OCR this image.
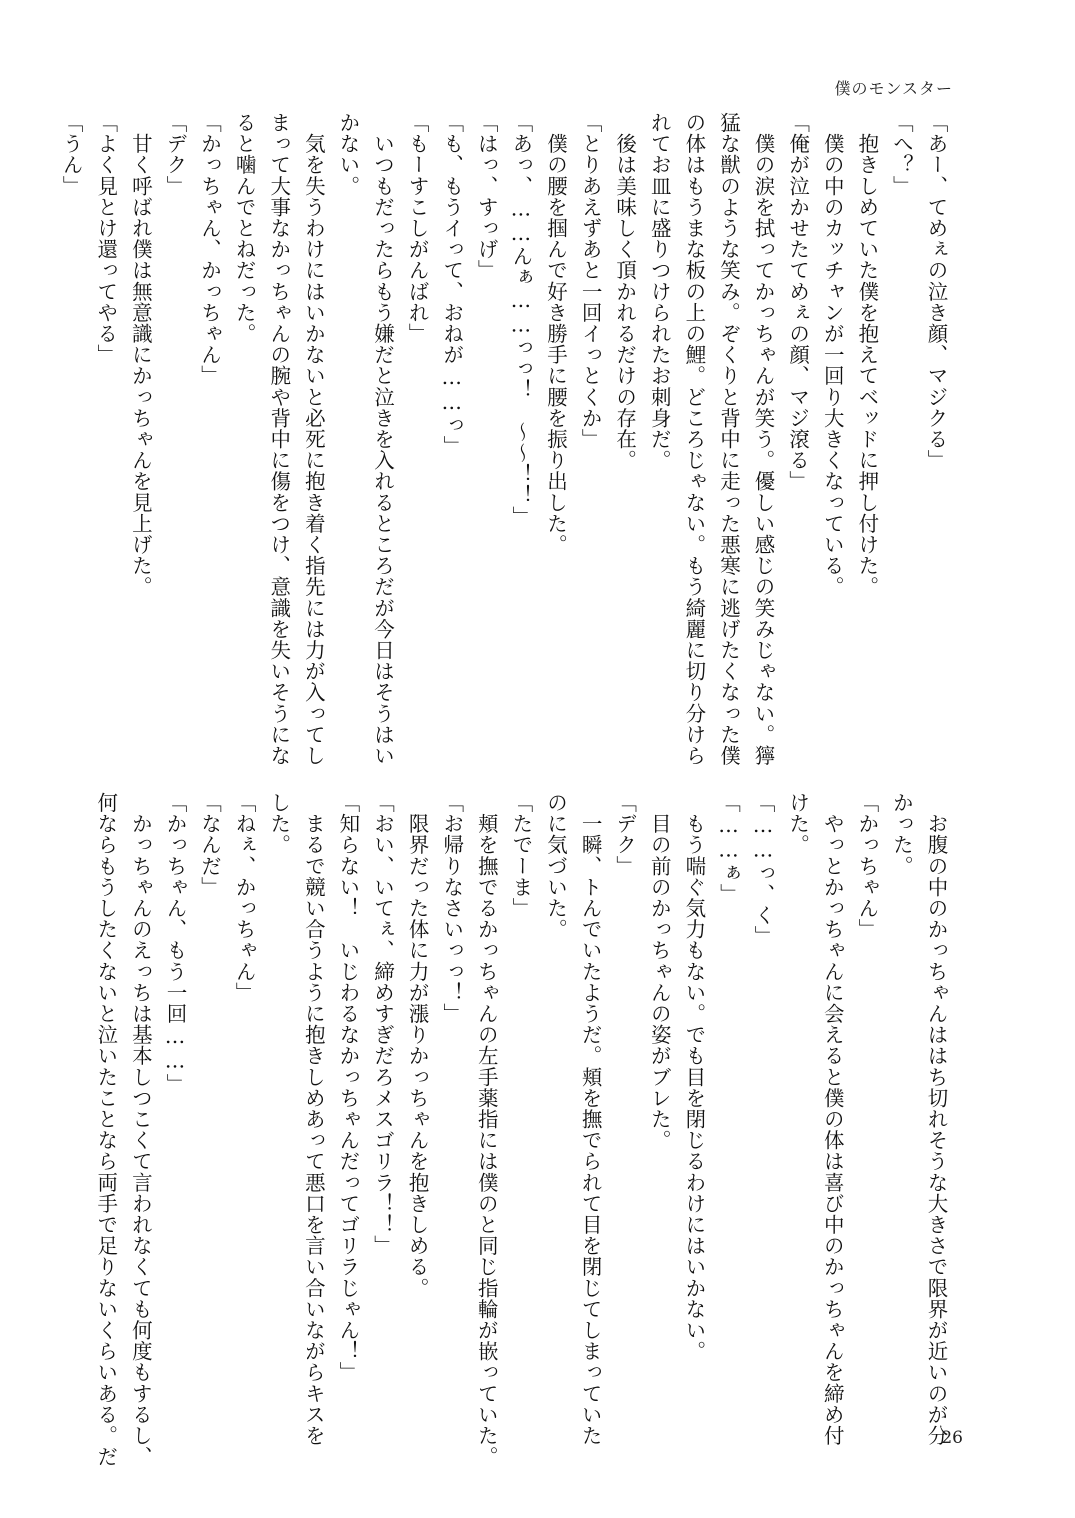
僕のモンスター
「あー、てめぇの泣き顔、マジクる」
「へ？」
　抱きしめていた僕を抱えてベッドに押し付けた。
　僕の中のカッチャンが一回り大きくなっている。
「俺が泣かせたてめぇの顔、マジ滾る」
　僕の涙を拭ってかっちゃんが笑う。優しい感じの笑みじゃない。獰
猛な獣のような笑み。ぞくりと背中に走った悪寒に逃げたくなった僕
の体はもうまな板の上の鯉。どころじゃない。もう綺麗に切り分けら
れてお皿に盛りつけられたお刺身だ。
　後は美味しく頂かれるだけの存在。
「とりあえずあと一回イっとくか」
　僕の腰を掴んで好き勝手に腰を振り出した。
「あっ、……んぁ……っっ！　〜〜！！」
「はっ、すっげ」
「も、もうイって、おねが……っ」
「もーすこしがんばれ」
　いつもだったらもう嫌だと泣きを入れるところだが今日はそうはい
かない。
　気を失うわけにはいかないと必死に抱き着く指先には力が入ってし
まって大事なかっちゃんの腕や背中に傷をつけ、意識を失いそうにな
ると噛んでとねだった。
「かっちゃん、かっちゃん」
「デク」
　甘く呼ばれ僕は無意識にかっちゃんを見上げた。
「よく見とけ還ってやる」
「うん」
　お腹の中のかっちゃんははち切れそうな大きさで限界が近いのが分
かった。
「かっちゃん」
　やっとかっちゃんに会えると僕の体は喜び中のかっちゃんを締め付
けた。
「……っ、く」
「……ぁ」
　もう喘ぐ気力もない。でも目を閉じるわけにはいかない。
　目の前のかっちゃんの姿がブレた。
「デク」
　一瞬、トんでいたようだ。頬を撫でられて目を閉じてしまっていた
のに気づいた。
「たでーま」
　頬を撫でるかっちゃんの左手薬指には僕のと同じ指輪が嵌っていた。
「お帰りなさいっっ！」
　限界だった体に力が漲りかっちゃんを抱きしめる。
「おい、いてぇ、締めすぎだろメスゴリラ！！」
「知らない！　いじわるなかっちゃんだってゴリラじゃん！」
　まるで競い合うように抱きしめあって悪口を言い合いながらキスを
した。
「ねぇ、かっちゃん」
「なんだ」
「かっちゃん、もう一回……」
　かっちゃんのえっちは基本しつこくて言われなくても何度もするし、
何ならもうしたくないと泣いたことなら両手で足りないくらいある。だ	26
